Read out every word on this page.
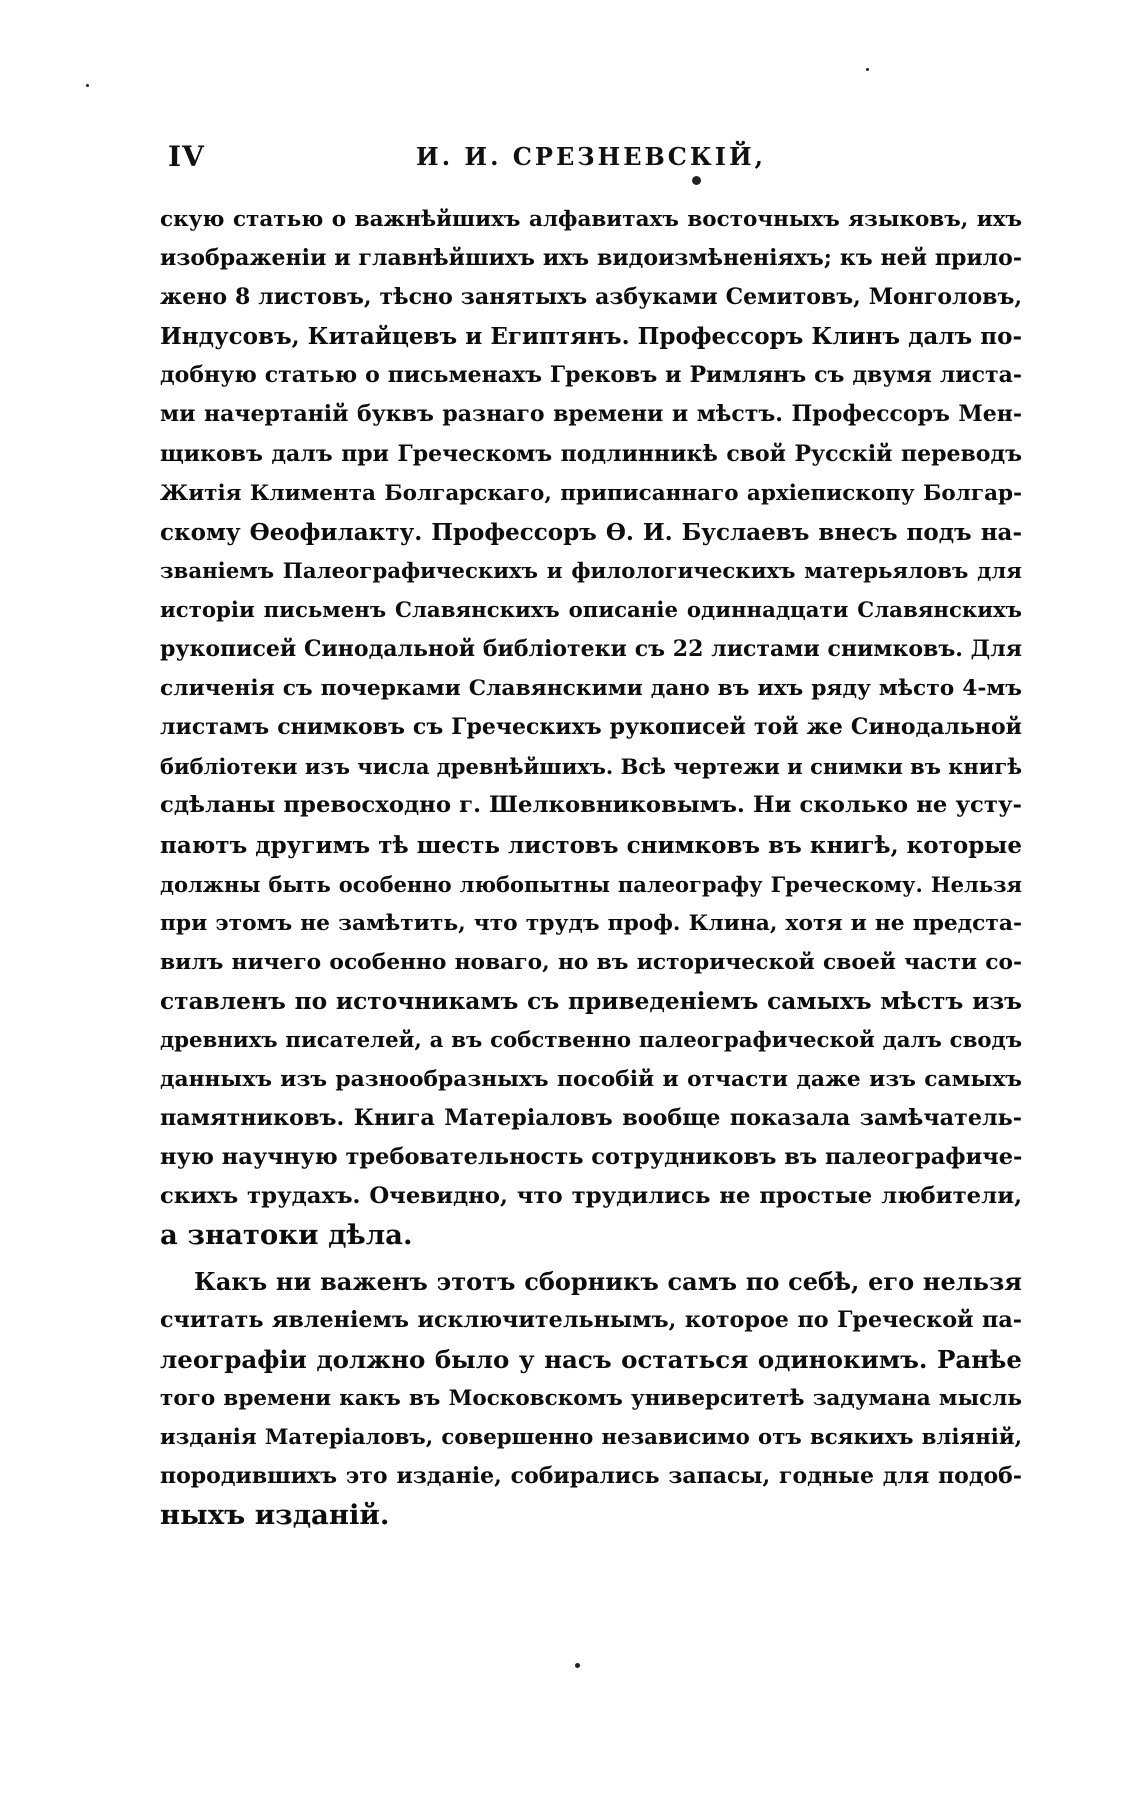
IV	И. И. СРЕЗНЕВСКІЙ,
скую статью о важнѣйшихъ алфавитахъ восточныхъ языковъ, ихъ
изображеніи и главнѣйшихъ ихъ видоизмѣненіяхъ; къ ней прило-
жено 8 листовъ, тѣсно занятыхъ азбуками Семитовъ, Монголовъ,
Индусовъ, Китайцевъ и Египтянъ. Профессоръ Клинъ далъ по-
добную статью о письменахъ Грековъ и Римлянъ съ двумя листа-
ми начертаній буквъ разнаго времени и мѣстъ. Профессоръ Мен-
щиковъ далъ при Греческомъ подлинникѣ свой Русскій переводъ
Житія Климента Болгарскаго, приписаннаго архіепископу Болгар-
скому Өеофилакту. Профессоръ Ө. И. Буслаевъ внесъ подъ на-
званіемъ Палеографическихъ и филологическихъ матерьяловъ для
исторіи письменъ Славянскихъ описаніе одиннадцати Славянскихъ
рукописей Синодальной библіотеки съ 22 листами снимковъ. Для
сличенія съ почерками Славянскими дано въ ихъ ряду мѣсто 4-мъ
листамъ снимковъ съ Греческихъ рукописей той же Синодальной
библіотеки изъ числа древнѣйшихъ. Всѣ чертежи и снимки въ книгѣ
сдѣланы превосходно г. Шелковниковымъ. Ни сколько не усту-
паютъ другимъ тѣ шесть листовъ снимковъ въ книгѣ, которые
должны быть особенно любопытны палеографу Греческому. Нельзя
при этомъ не замѣтить, что трудъ проф. Клина, хотя и не предста-
вилъ ничего особенно новаго, но въ исторической своей части со-
ставленъ по источникамъ съ приведеніемъ самыхъ мѣстъ изъ
древнихъ писателей, а въ собственно палеографической далъ сводъ
данныхъ изъ разнообразныхъ пособій и отчасти даже изъ самыхъ
памятниковъ. Книга Матеріаловъ вообще показала замѣчатель-
ную научную требовательность сотрудниковъ въ палеографиче-
скихъ трудахъ. Очевидно, что трудились не простые любители,
а знатоки дѣла.
Какъ ни важенъ этотъ сборникъ самъ по себѣ, его нельзя
считать явленіемъ исключительнымъ, которое по Греческой па-
леографіи должно было у насъ остаться одинокимъ. Ранѣе
того времени какъ въ Московскомъ университетѣ задумана мысль
изданія Матеріаловъ, совершенно независимо отъ всякихъ вліяній,
породившихъ это изданіе, собирались запасы, годные для подоб-
ныхъ изданій.
